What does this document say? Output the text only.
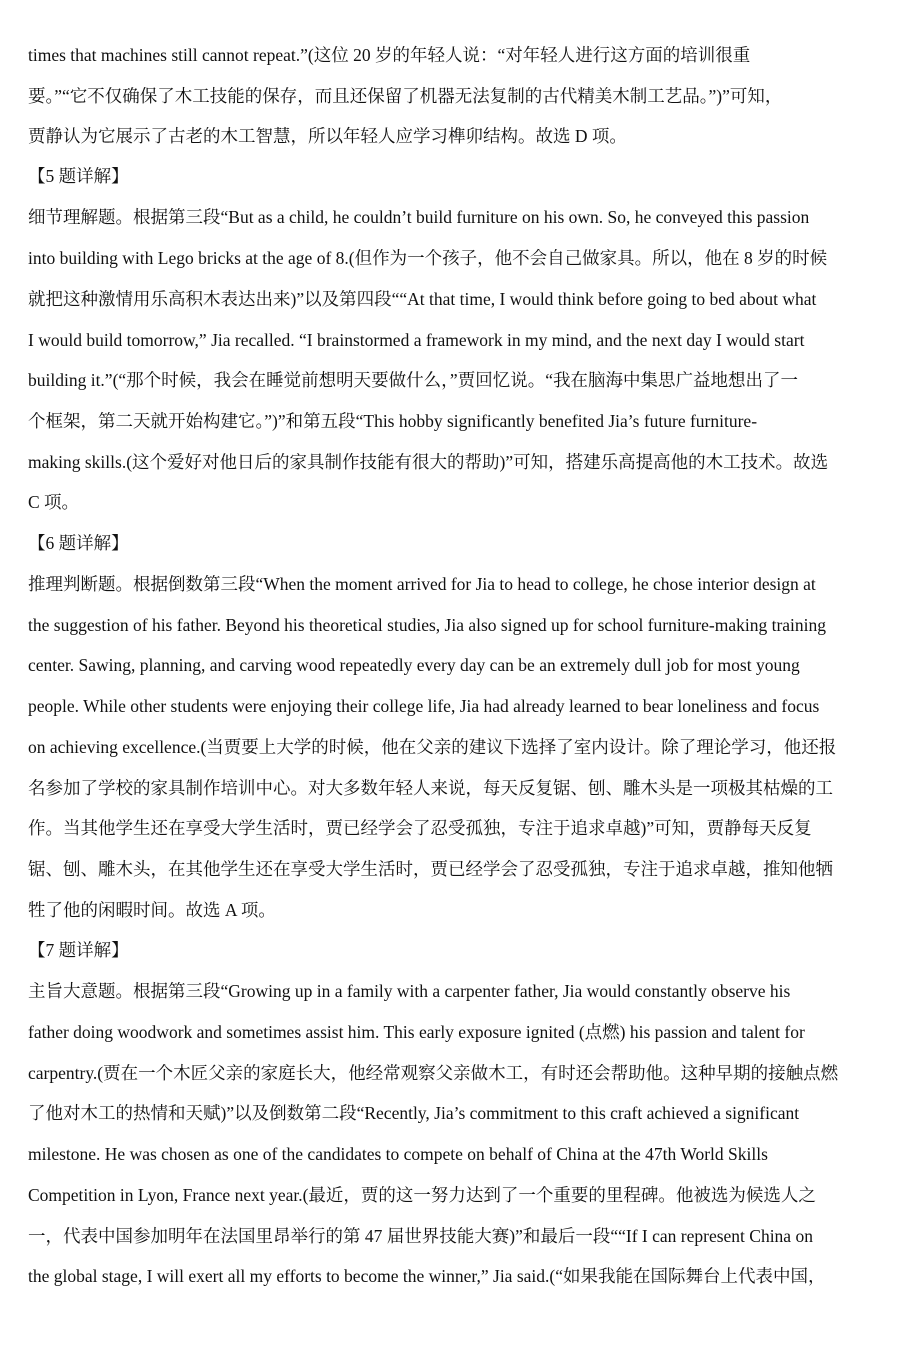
times that machines still cannot repeat.”(这位 20 岁的年轻人说：“对年轻人进行这方面的培训很重
要。”“它不仅确保了木工技能的保存，而且还保留了机器无法复制的古代精美木制工艺品。”)”可知，
贾静认为它展示了古老的木工智慧，所以年轻人应学习榫卯结构。故选 D 项。
【5 题详解】
细节理解题。根据第三段“But as a child, he couldn’t build furniture on his own. So, he conveyed this passion
into building with Lego bricks at the age of 8.(但作为一个孩子，他不会自己做家具。所以，他在 8 岁的时候
就把这种激情用乐高积木表达出来)”以及第四段““At that time, I would think before going to bed about what
I would build tomorrow,” Jia recalled. “I brainstormed a framework in my mind, and the next day I would start
building it.”(“那个时候，我会在睡觉前想明天要做什么，”贾回忆说。“我在脑海中集思广益地想出了一
个框架，第二天就开始构建它。”)”和第五段“This hobby significantly benefited Jia’s future furniture-
making skills.(这个爱好对他日后的家具制作技能有很大的帮助)”可知，搭建乐高提高他的木工技术。故选
C 项。
【6 题详解】
推理判断题。根据倒数第三段“When the moment arrived for Jia to head to college, he chose interior design at
the suggestion of his father. Beyond his theoretical studies, Jia also signed up for school furniture-making training
center. Sawing, planning, and carving wood repeatedly every day can be an extremely dull job for most young
people. While other students were enjoying their college life, Jia had already learned to bear loneliness and focus
on achieving excellence.(当贾要上大学的时候，他在父亲的建议下选择了室内设计。除了理论学习，他还报
名参加了学校的家具制作培训中心。对大多数年轻人来说，每天反复锯、刨、雕木头是一项极其枯燥的工
作。当其他学生还在享受大学生活时，贾已经学会了忍受孤独，专注于追求卓越)”可知，贾静每天反复
锯、刨、雕木头，在其他学生还在享受大学生活时，贾已经学会了忍受孤独，专注于追求卓越，推知他牺
牲了他的闲暇时间。故选 A 项。
【7 题详解】
主旨大意题。根据第三段“Growing up in a family with a carpenter father, Jia would constantly observe his
father doing woodwork and sometimes assist him. This early exposure ignited (点燃) his passion and talent for
carpentry.(贾在一个木匠父亲的家庭长大，他经常观察父亲做木工，有时还会帮助他。这种早期的接触点燃
了他对木工的热情和天赋)”以及倒数第二段“Recently, Jia’s commitment to this craft achieved a significant
milestone. He was chosen as one of the candidates to compete on behalf of China at the 47th World Skills
Competition in Lyon, France next year.(最近，贾的这一努力达到了一个重要的里程碑。他被选为候选人之
一，代表中国参加明年在法国里昂举行的第 47 届世界技能大赛)”和最后一段““If I can represent China on
the global stage, I will exert all my efforts to become the winner,” Jia said.(“如果我能在国际舞台上代表中国，
